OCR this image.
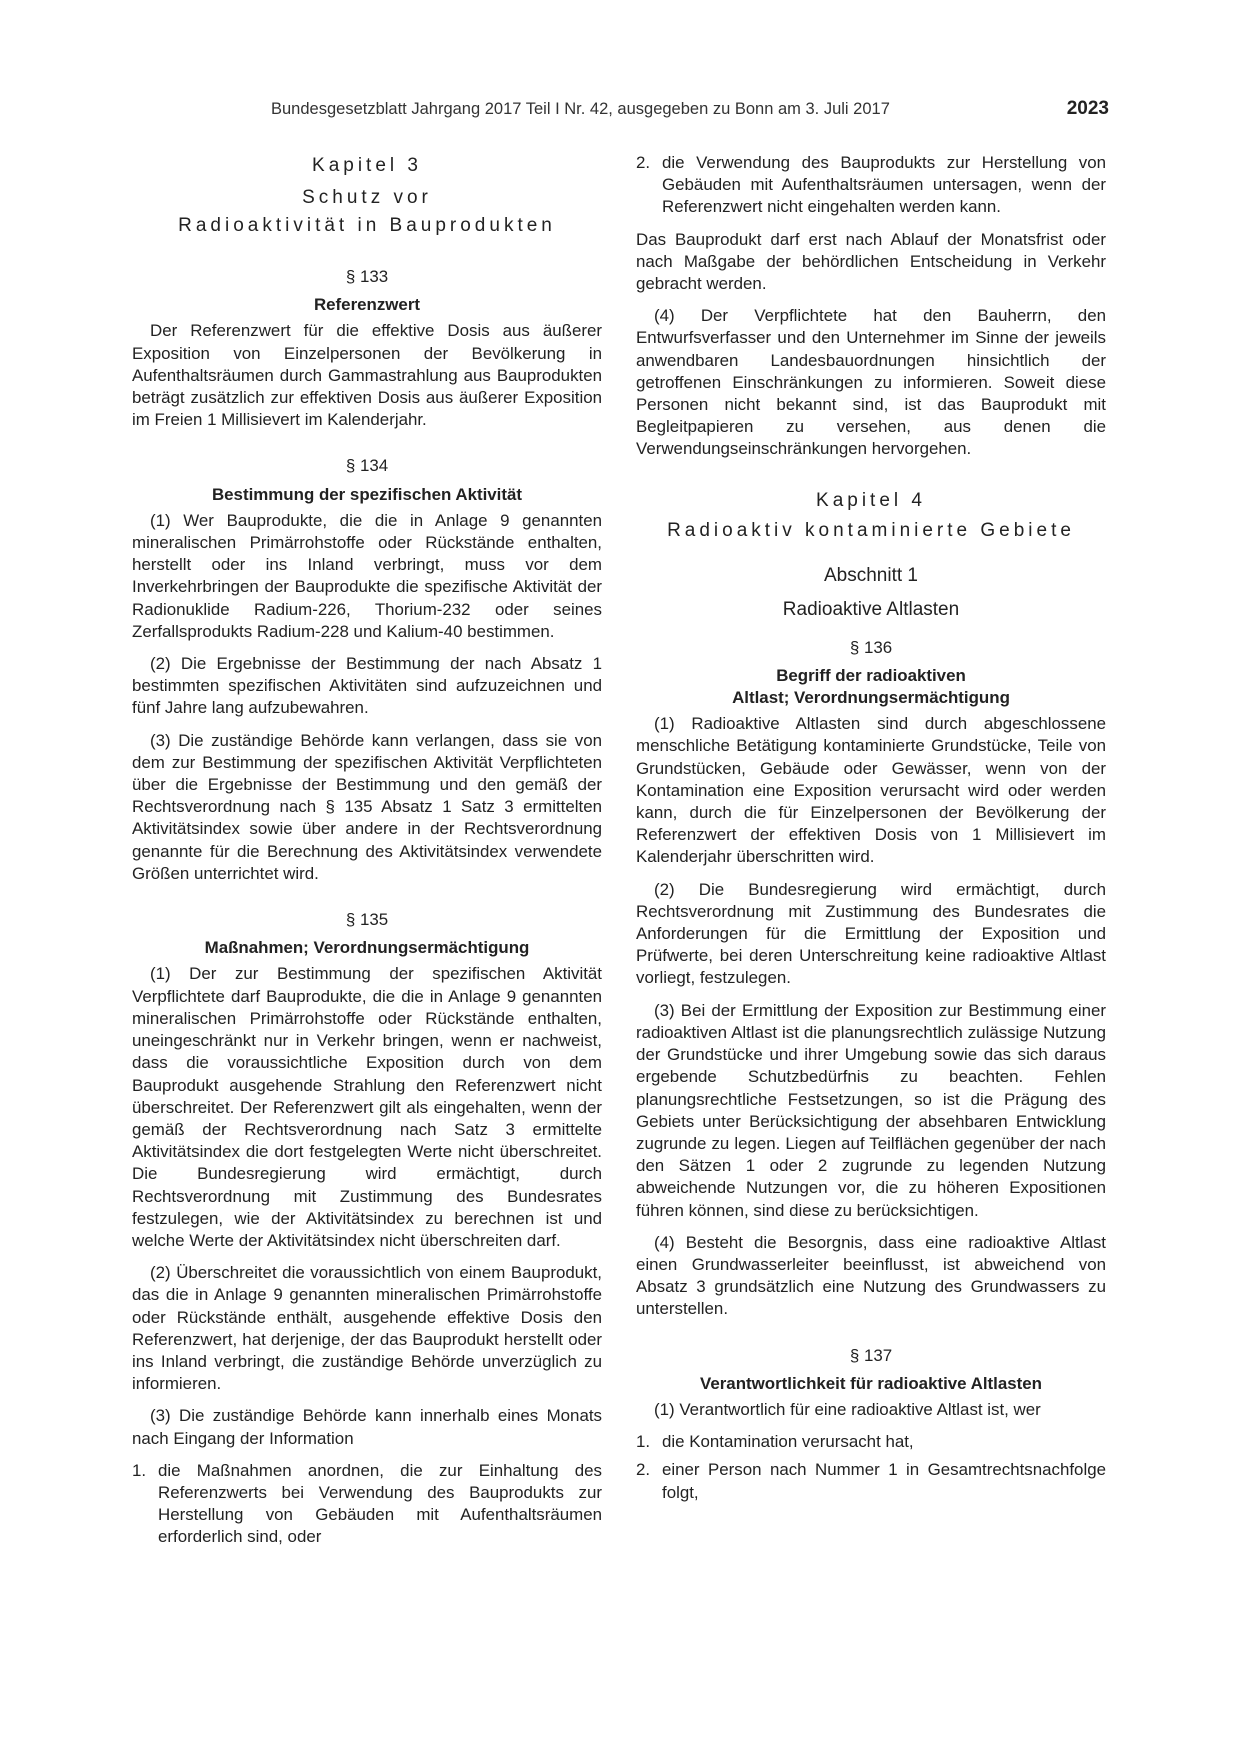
Bundesgesetzblatt Jahrgang 2017 Teil I Nr. 42, ausgegeben zu Bonn am 3. Juli 2017	2023
Kapitel 3
Schutz vor
Radioaktivität in Bauprodukten
§ 133
Referenzwert

Der Referenzwert für die effektive Dosis aus äußerer Exposition von Einzelpersonen der Bevölkerung in Aufenthaltsräumen durch Gammastrahlung aus Bauprodukten beträgt zusätzlich zur effektiven Dosis aus äußerer Exposition im Freien 1 Millisievert im Kalenderjahr.

§ 134
Bestimmung der spezifischen Aktivität

(1) Wer Bauprodukte, die die in Anlage 9 genannten mineralischen Primärrohstoffe oder Rückstände enthalten, herstellt oder ins Inland verbringt, muss vor dem Inverkehrbringen der Bauprodukte die spezifische Aktivität der Radionuklide Radium-226, Thorium-232 oder seines Zerfallsprodukts Radium-228 und Kalium-40 bestimmen.

(2) Die Ergebnisse der Bestimmung der nach Absatz 1 bestimmten spezifischen Aktivitäten sind aufzuzeichnen und fünf Jahre lang aufzubewahren.

(3) Die zuständige Behörde kann verlangen, dass sie von dem zur Bestimmung der spezifischen Aktivität Verpflichteten über die Ergebnisse der Bestimmung und den gemäß der Rechtsverordnung nach § 135 Absatz 1 Satz 3 ermittelten Aktivitätsindex sowie über andere in der Rechtsverordnung genannte für die Berechnung des Aktivitätsindex verwendete Größen unterrichtet wird.

§ 135
Maßnahmen; Verordnungsermächtigung

(1) Der zur Bestimmung der spezifischen Aktivität Verpflichtete darf Bauprodukte, die die in Anlage 9 genannten mineralischen Primärrohstoffe oder Rückstände enthalten, uneingeschränkt nur in Verkehr bringen, wenn er nachweist, dass die voraussichtliche Exposition durch von dem Bauprodukt ausgehende Strahlung den Referenzwert nicht überschreitet. Der Referenzwert gilt als eingehalten, wenn der gemäß der Rechtsverordnung nach Satz 3 ermittelte Aktivitätsindex die dort festgelegten Werte nicht überschreitet. Die Bundesregierung wird ermächtigt, durch Rechtsverordnung mit Zustimmung des Bundesrates festzulegen, wie der Aktivitätsindex zu berechnen ist und welche Werte der Aktivitätsindex nicht überschreiten darf.

(2) Überschreitet die voraussichtlich von einem Bauprodukt, das die in Anlage 9 genannten mineralischen Primärrohstoffe oder Rückstände enthält, ausgehende effektive Dosis den Referenzwert, hat derjenige, der das Bauprodukt herstellt oder ins Inland verbringt, die zuständige Behörde unverzüglich zu informieren.

(3) Die zuständige Behörde kann innerhalb eines Monats nach Eingang der Information

1. die Maßnahmen anordnen, die zur Einhaltung des Referenzwerts bei Verwendung des Bauprodukts zur Herstellung von Gebäuden mit Aufenthaltsräumen erforderlich sind, oder
2. die Verwendung des Bauprodukts zur Herstellung von Gebäuden mit Aufenthaltsräumen untersagen, wenn der Referenzwert nicht eingehalten werden kann.

Das Bauprodukt darf erst nach Ablauf der Monatsfrist oder nach Maßgabe der behördlichen Entscheidung in Verkehr gebracht werden.

(4) Der Verpflichtete hat den Bauherrn, den Entwurfsverfasser und den Unternehmer im Sinne der jeweils anwendbaren Landesbauordnungen hinsichtlich der getroffenen Einschränkungen zu informieren. Soweit diese Personen nicht bekannt sind, ist das Bauprodukt mit Begleitpapieren zu versehen, aus denen die Verwendungseinschränkungen hervorgehen.

Kapitel 4
Radioaktiv kontaminierte Gebiete
Abschnitt 1
Radioaktive Altlasten
§ 136
Begriff der radioaktiven
Altlast; Verordnungsermächtigung

(1) Radioaktive Altlasten sind durch abgeschlossene menschliche Betätigung kontaminierte Grundstücke, Teile von Grundstücken, Gebäude oder Gewässer, wenn von der Kontamination eine Exposition verursacht wird oder werden kann, durch die für Einzelpersonen der Bevölkerung der Referenzwert der effektiven Dosis von 1 Millisievert im Kalenderjahr überschritten wird.

(2) Die Bundesregierung wird ermächtigt, durch Rechtsverordnung mit Zustimmung des Bundesrates die Anforderungen für die Ermittlung der Exposition und Prüfwerte, bei deren Unterschreitung keine radioaktive Altlast vorliegt, festzulegen.

(3) Bei der Ermittlung der Exposition zur Bestimmung einer radioaktiven Altlast ist die planungsrechtlich zulässige Nutzung der Grundstücke und ihrer Umgebung sowie das sich daraus ergebende Schutzbedürfnis zu beachten. Fehlen planungsrechtliche Festsetzungen, so ist die Prägung des Gebiets unter Berücksichtigung der absehbaren Entwicklung zugrunde zu legen. Liegen auf Teilflächen gegenüber der nach den Sätzen 1 oder 2 zugrunde zu legenden Nutzung abweichende Nutzungen vor, die zu höheren Expositionen führen können, sind diese zu berücksichtigen.

(4) Besteht die Besorgnis, dass eine radioaktive Altlast einen Grundwasserleiter beeinflusst, ist abweichend von Absatz 3 grundsätzlich eine Nutzung des Grundwassers zu unterstellen.

§ 137
Verantwortlichkeit für radioaktive Altlasten

(1) Verantwortlich für eine radioaktive Altlast ist, wer

1. die Kontamination verursacht hat,
2. einer Person nach Nummer 1 in Gesamtrechtsnachfolge folgt,
